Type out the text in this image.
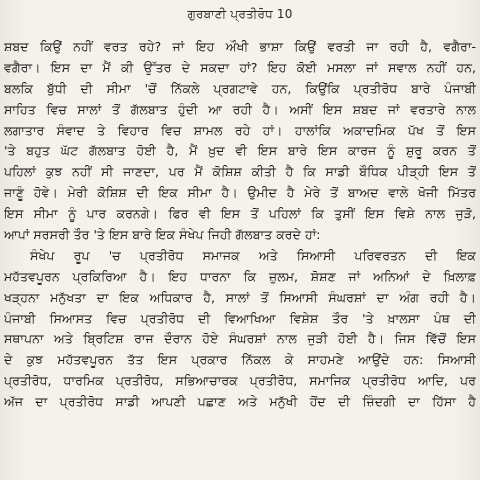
ਗੁਰਬਾਣੀ ਪ੍ਰਤੀਰੋਧ 10
ਸ਼ਬਦ ਕਿਉਂ ਨਹੀਂ ਵਰਤ ਰਹੇ? ਜਾਂ ਇਹ ਔਖੀ ਭਾਸ਼ਾ ਕਿਉਂ ਵਰਤੀ ਜਾ ਰਹੀ ਹੈ, ਵਗੈਰਾ-
ਵਗੈਰਾ। ਇਸ ਦਾ ਮੈਂ ਕੀ ਉੱਤਰ ਦੇ ਸਕਦਾ ਹਾਂ? ਇਹ ਕੋਈ ਮਸਲਾ ਜਾਂ ਸਵਾਲ ਨਹੀਂ ਹਨ,
ਬਲਕਿ ਬੁੱਧੀ ਦੀ ਸੀਮਾ 'ਚੋਂ ਨਿੱਕਲੇ ਪ੍ਰਗਟਾਵੇ ਹਨ, ਕਿਉਂਕਿ ਪ੍ਰਤੀਰੋਧ ਬਾਰੇ ਪੰਜਾਬੀ
ਸਾਹਿਤ ਵਿਚ ਸਾਲਾਂ ਤੋਂ ਗੱਲਬਾਤ ਹੁੰਦੀ ਆ ਰਹੀ ਹੈ। ਅਸੀਂ ਇਸ ਸ਼ਬਦ ਜਾਂ ਵਰਤਾਰੇ ਨਾਲ
ਲਗਾਤਾਰ ਸੰਵਾਦ ਤੇ ਵਿਹਾਰ ਵਿਚ ਸ਼ਾਮਲ ਰਹੇ ਹਾਂ। ਹਾਲਾਂਕਿ ਅਕਾਦਮਿਕ ਪੱਖ ਤੋਂ ਇਸ
'ਤੇ ਬਹੁਤ ਘੱਟ ਗੱਲਬਾਤ ਹੋਈ ਹੈ, ਮੈਂ ਖ਼ੁਦ ਵੀ ਇਸ ਬਾਰੇ ਇਸ ਕਾਰਜ ਨੂੰ ਸ਼ੁਰੂ ਕਰਨ ਤੋਂ
ਪਹਿਲਾਂ ਕੁਝ ਨਹੀਂ ਸੀ ਜਾਣਦਾ, ਪਰ ਮੈਂ ਕੋਸ਼ਿਸ਼ ਕੀਤੀ ਹੈ ਕਿ ਸਾਡੀ ਬੌਧਿਕ ਪੀੜ੍ਹੀ ਇਸ ਤੋਂ
ਜਾਣੂੰ ਹੋਵੇ। ਮੇਰੀ ਕੋਸ਼ਿਸ਼ ਦੀ ਇਕ ਸੀਮਾ ਹੈ। ਉਮੀਦ ਹੈ ਮੇਰੇ ਤੋਂ ਬਾਅਦ ਵਾਲੇ ਖੋਜੀ ਮਿੱਤਰ
ਇਸ ਸੀਮਾ ਨੂੰ ਪਾਰ ਕਰਨਗੇ। ਫਿਰ ਵੀ ਇਸ ਤੋਂ ਪਹਿਲਾਂ ਕਿ ਤੁਸੀਂ ਇਸ ਵਿਸ਼ੇ ਨਾਲ ਜੁੜੋ,
ਆਪਾਂ ਸਰਸਰੀ ਤੌਰ 'ਤੇ ਇਸ ਬਾਰੇ ਇਕ ਸੰਖੇਪ ਜਿਹੀ ਗੱਲਬਾਤ ਕਰਦੇ ਹਾਂ:
ਸੰਖੇਪ ਰੂਪ 'ਚ ਪ੍ਰਤੀਰੋਧ ਸਮਾਜਕ ਅਤੇ ਸਿਆਸੀ ਪਰਿਵਰਤਨ ਦੀ ਇਕ
ਮਹੱਤਵਪੂਰਨ ਪ੍ਰਕਿਰਿਆ ਹੈ। ਇਹ ਧਾਰਨਾ ਕਿ ਜ਼ੁਲਮ, ਸ਼ੋਸ਼ਣ ਜਾਂ ਅਨਿਆਂ ਦੇ ਖ਼ਿਲਾਫ਼
ਖੜ੍ਹਨਾ ਮਨੁੱਖਤਾ ਦਾ ਇਕ ਅਧਿਕਾਰ ਹੈ, ਸਾਲਾਂ ਤੋਂ ਸਿਆਸੀ ਸੰਘਰਸ਼ਾਂ ਦਾ ਅੰਗ ਰਹੀ ਹੈ।
ਪੰਜਾਬੀ ਸਿਆਸਤ ਵਿਚ ਪ੍ਰਤੀਰੋਧ ਦੀ ਵਿਆਖਿਆ ਵਿਸ਼ੇਸ਼ ਤੌਰ 'ਤੇ ਖ਼ਾਲਸਾ ਪੰਥ ਦੀ
ਸਥਾਪਨਾ ਅਤੇ ਬ੍ਰਿਟਿਸ਼ ਰਾਜ ਦੌਰਾਨ ਹੋਏ ਸੰਘਰਸ਼ਾਂ ਨਾਲ ਜੁੜੀ ਹੋਈ ਹੈ। ਜਿਸ ਵਿੱਚੋਂ ਇਸ
ਦੇ ਕੁਝ ਮਹੱਤਵਪੂਰਨ ਤੱਤ ਇਸ ਪ੍ਰਕਾਰ ਨਿੱਕਲ ਕੇ ਸਾਹਮਣੇ ਆਉਂਦੇ ਹਨ: ਸਿਆਸੀ
ਪ੍ਰਤੀਰੋਧ, ਧਾਰਮਿਕ ਪ੍ਰਤੀਰੋਧ, ਸਭਿਆਚਾਰਕ ਪ੍ਰਤੀਰੋਧ, ਸਮਾਜਿਕ ਪ੍ਰਤੀਰੋਧ ਆਦਿ, ਪਰ
ਅੱਜ ਦਾ ਪ੍ਰਤੀਰੋਧ ਸਾਡੀ ਆਪਣੀ ਪਛਾਣ ਅਤੇ ਮਨੁੱਖੀ ਹੋਂਦ ਦੀ ਜ਼ਿੰਦਗੀ ਦਾ ਹਿੱਸਾ ਹੈ
